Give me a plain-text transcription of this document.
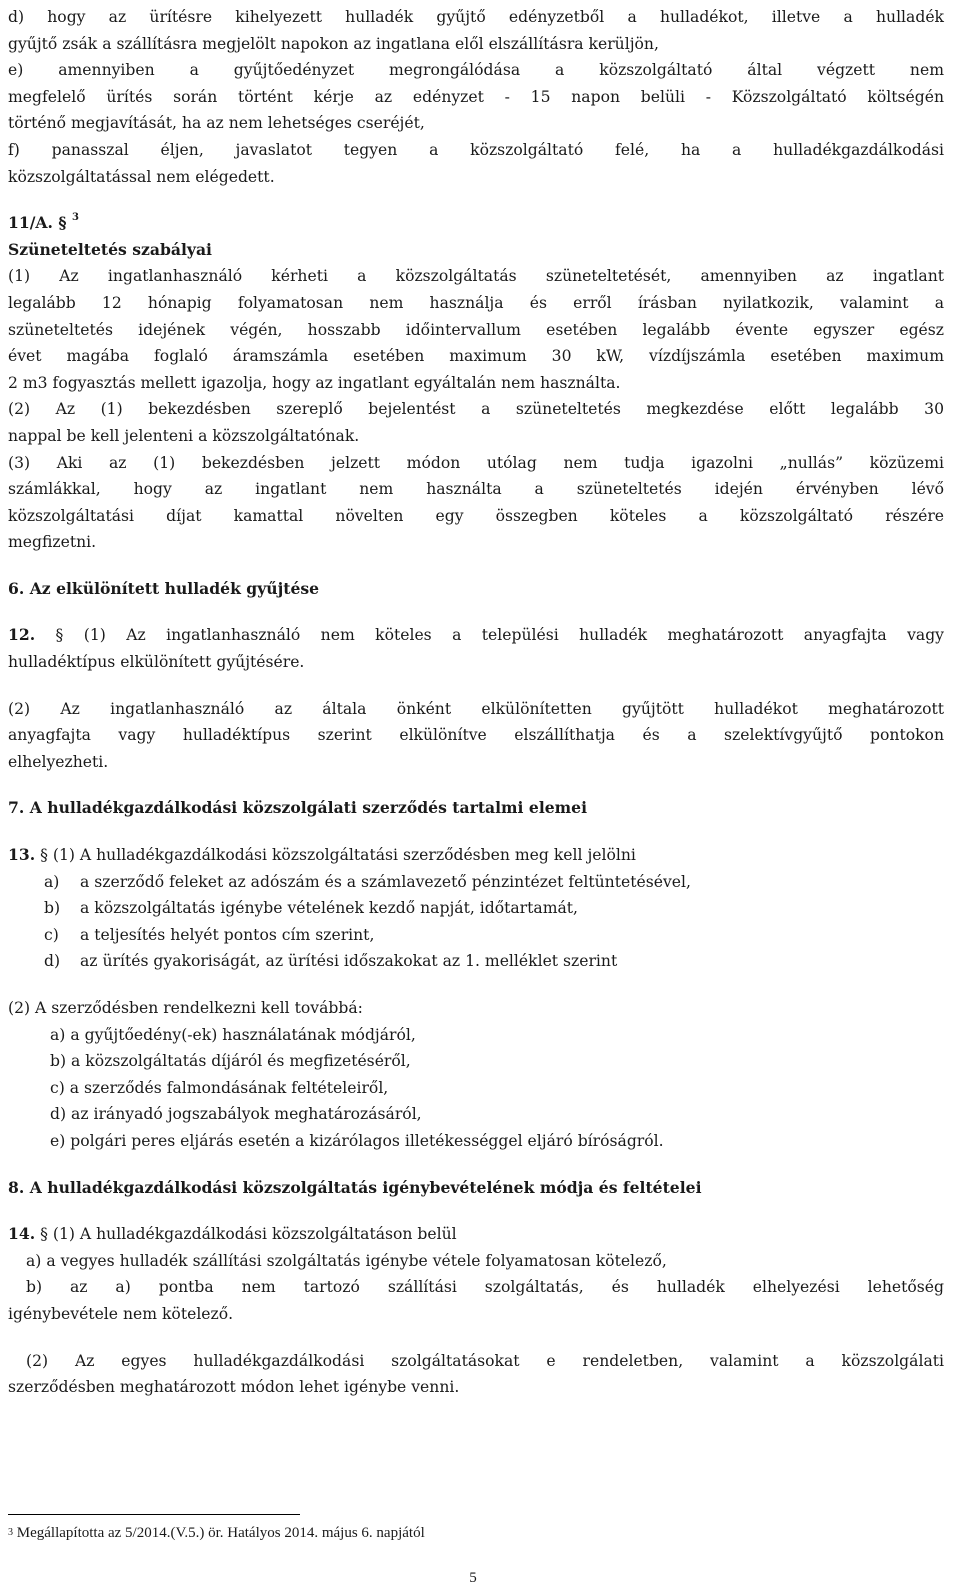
d) hogy az ürítésre kihelyezett hulladék gyűjtő edényzetből a hulladékot, illetve a hulladék
gyűjtő zsák a szállításra megjelölt napokon az ingatlana elől elszállításra kerüljön,
e) amennyiben a gyűjtőedényzet megrongálódása a közszolgáltató által végzett nem
megfelelő ürítés során történt kérje az edényzet - 15 napon belüli - Közszolgáltató költségén
történő megjavítását, ha az nem lehetséges cseréjét,
f) panasszal éljen, javaslatot tegyen a közszolgáltató felé, ha a hulladékgazdálkodási
közszolgáltatással nem elégedett.
11/A. § $^3$
Szüneteltetés szabályai
(1) Az ingatlanhasználó kérheti a közszolgáltatás szüneteltetését, amennyiben az ingatlant
legalább 12 hónapig folyamatosan nem használja és erről írásban nyilatkozik, valamint a
szüneteltetés idejének végén, hosszabb időintervallum esetében legalább évente egyszer egész
évet magába foglaló áramszámla esetében maximum 30 kW, vízdíjszámla esetében maximum
2 m3 fogyasztás mellett igazolja, hogy az ingatlant egyáltalán nem használta.
(2) Az (1) bekezdésben szereplő bejelentést a szüneteltetés megkezdése előtt legalább 30
nappal be kell jelenteni a közszolgáltatónak.
(3) Aki az (1) bekezdésben jelzett módon utólag nem tudja igazolni „nullás” közüzemi
számlákkal, hogy az ingatlant nem használta a szüneteltetés idején érvényben lévő
közszolgáltatási díjat kamattal növelten egy összegben köteles a közszolgáltató részére
megfizetni.
6. Az elkülönített hulladék gyűjtése
12. § (1) Az ingatlanhasználó nem köteles a települési hulladék meghatározott anyagfajta vagy
hulladéktípus elkülönített gyűjtésére.
(2) Az ingatlanhasználó az általa önként elkülönítetten gyűjtött hulladékot meghatározott
anyagfajta vagy hulladéktípus szerint elkülönítve elszállíthatja és a szelektívgyűjtő pontokon
elhelyezheti.
7. A hulladékgazdálkodási közszolgálati szerződés tartalmi elemei
13. § (1) A hulladékgazdálkodási közszolgáltatási szerződésben meg kell jelölni
a) a szerződő feleket az adószám és a számlavezető pénzintézet feltüntetésével,
b) a közszolgáltatás igénybe vételének kezdő napját, időtartamát,
c) a teljesítés helyét pontos cím szerint,
d) az ürítés gyakoriságát, az ürítési időszakokat az 1. melléklet szerint
(2) A szerződésben rendelkezni kell továbbá:
a) a gyűjtőedény(-ek) használatának módjáról,
b) a közszolgáltatás díjáról és megfizetéséről,
c) a szerződés falmondásának feltételeiről,
d) az irányadó jogszabályok meghatározásáról,
e) polgári peres eljárás esetén a kizárólagos illetékességgel eljáró bíróságról.
8. A hulladékgazdálkodási közszolgáltatás igénybevételének módja és feltételei
14. § (1) A hulladékgazdálkodási közszolgáltatáson belül
a) a vegyes hulladék szállítási szolgáltatás igénybe vétele folyamatosan kötelező,
b) az a) pontba nem tartozó szállítási szolgáltatás, és hulladék elhelyezési lehetőség
igénybevétele nem kötelező.
(2) Az egyes hulladékgazdálkodási szolgáltatásokat e rendeletben, valamint a közszolgálati
szerződésben meghatározott módon lehet igénybe venni.
$^3$ Megállapította az 5/2014.(V.5.) ör. Hatályos 2014. május 6. napjától
5
